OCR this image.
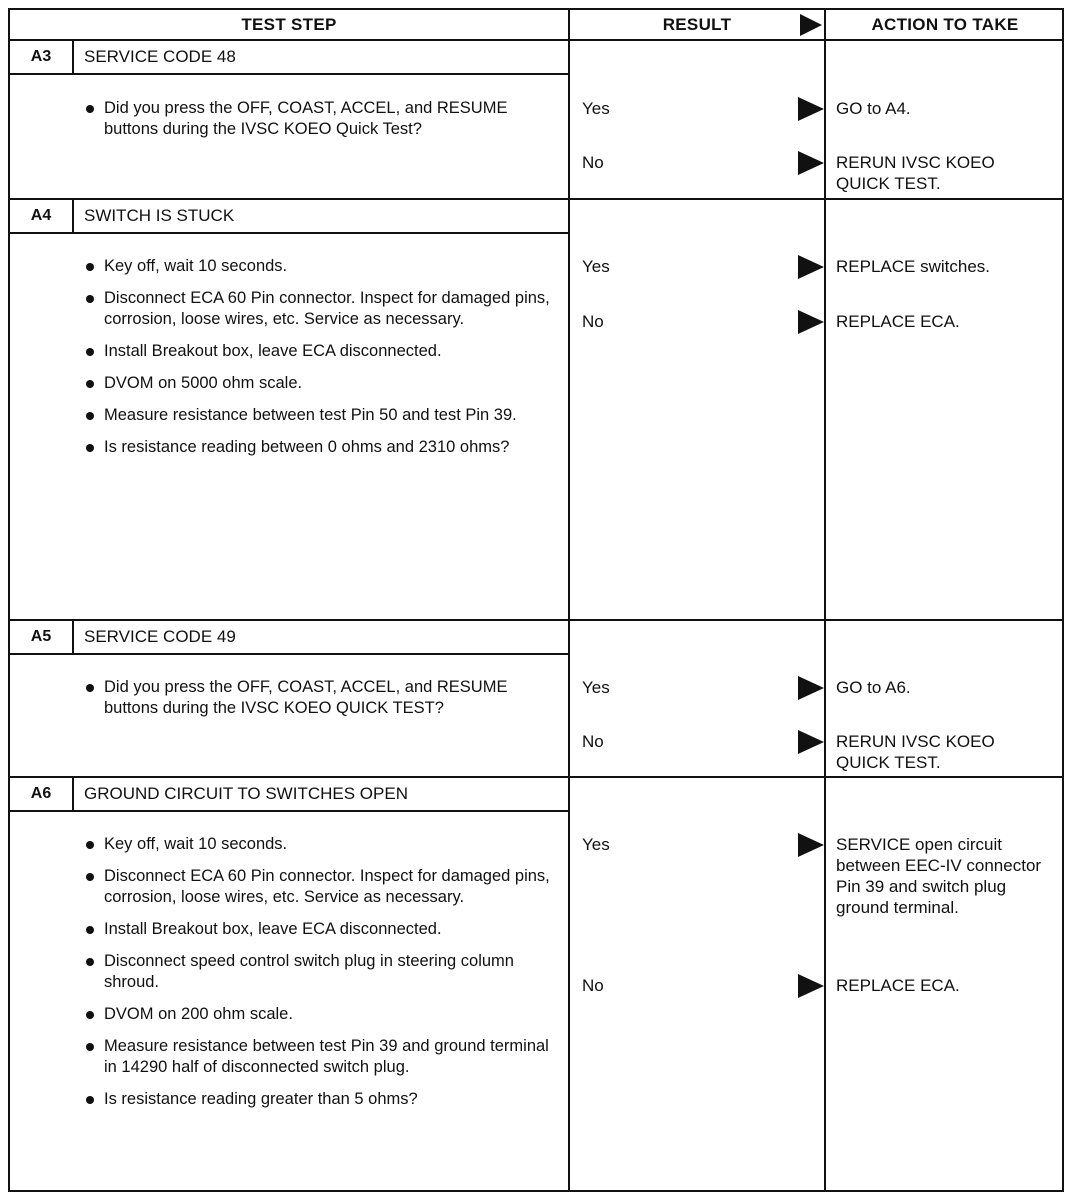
TEST STEP	RESULT	ACTION TO TAKE
A3	SERVICE CODE 48
Did you press the OFF, COAST, ACCEL, and RESUME buttons during the IVSC KOEO Quick Test?
Yes	GO to A4.
No	RERUN IVSC KOEO QUICK TEST.
A4	SWITCH IS STUCK
Key off, wait 10 seconds.
Disconnect ECA 60 Pin connector. Inspect for damaged pins, corrosion, loose wires, etc. Service as necessary.
Install Breakout box, leave ECA disconnected.
DVOM on 5000 ohm scale.
Measure resistance between test Pin 50 and test Pin 39.
Is resistance reading between 0 ohms and 2310 ohms?
Yes	REPLACE switches.
No	REPLACE ECA.
A5	SERVICE CODE 49
Did you press the OFF, COAST, ACCEL, and RESUME buttons during the IVSC KOEO QUICK TEST?
Yes	GO to A6.
No	RERUN IVSC KOEO QUICK TEST.
A6	GROUND CIRCUIT TO SWITCHES OPEN
Key off, wait 10 seconds.
Disconnect ECA 60 Pin connector. Inspect for damaged pins, corrosion, loose wires, etc. Service as necessary.
Install Breakout box, leave ECA disconnected.
Disconnect speed control switch plug in steering column shroud.
DVOM on 200 ohm scale.
Measure resistance between test Pin 39 and ground terminal in 14290 half of disconnected switch plug.
Is resistance reading greater than 5 ohms?
Yes	SERVICE open circuit between EEC-IV connector Pin 39 and switch plug ground terminal.
No	REPLACE ECA.
